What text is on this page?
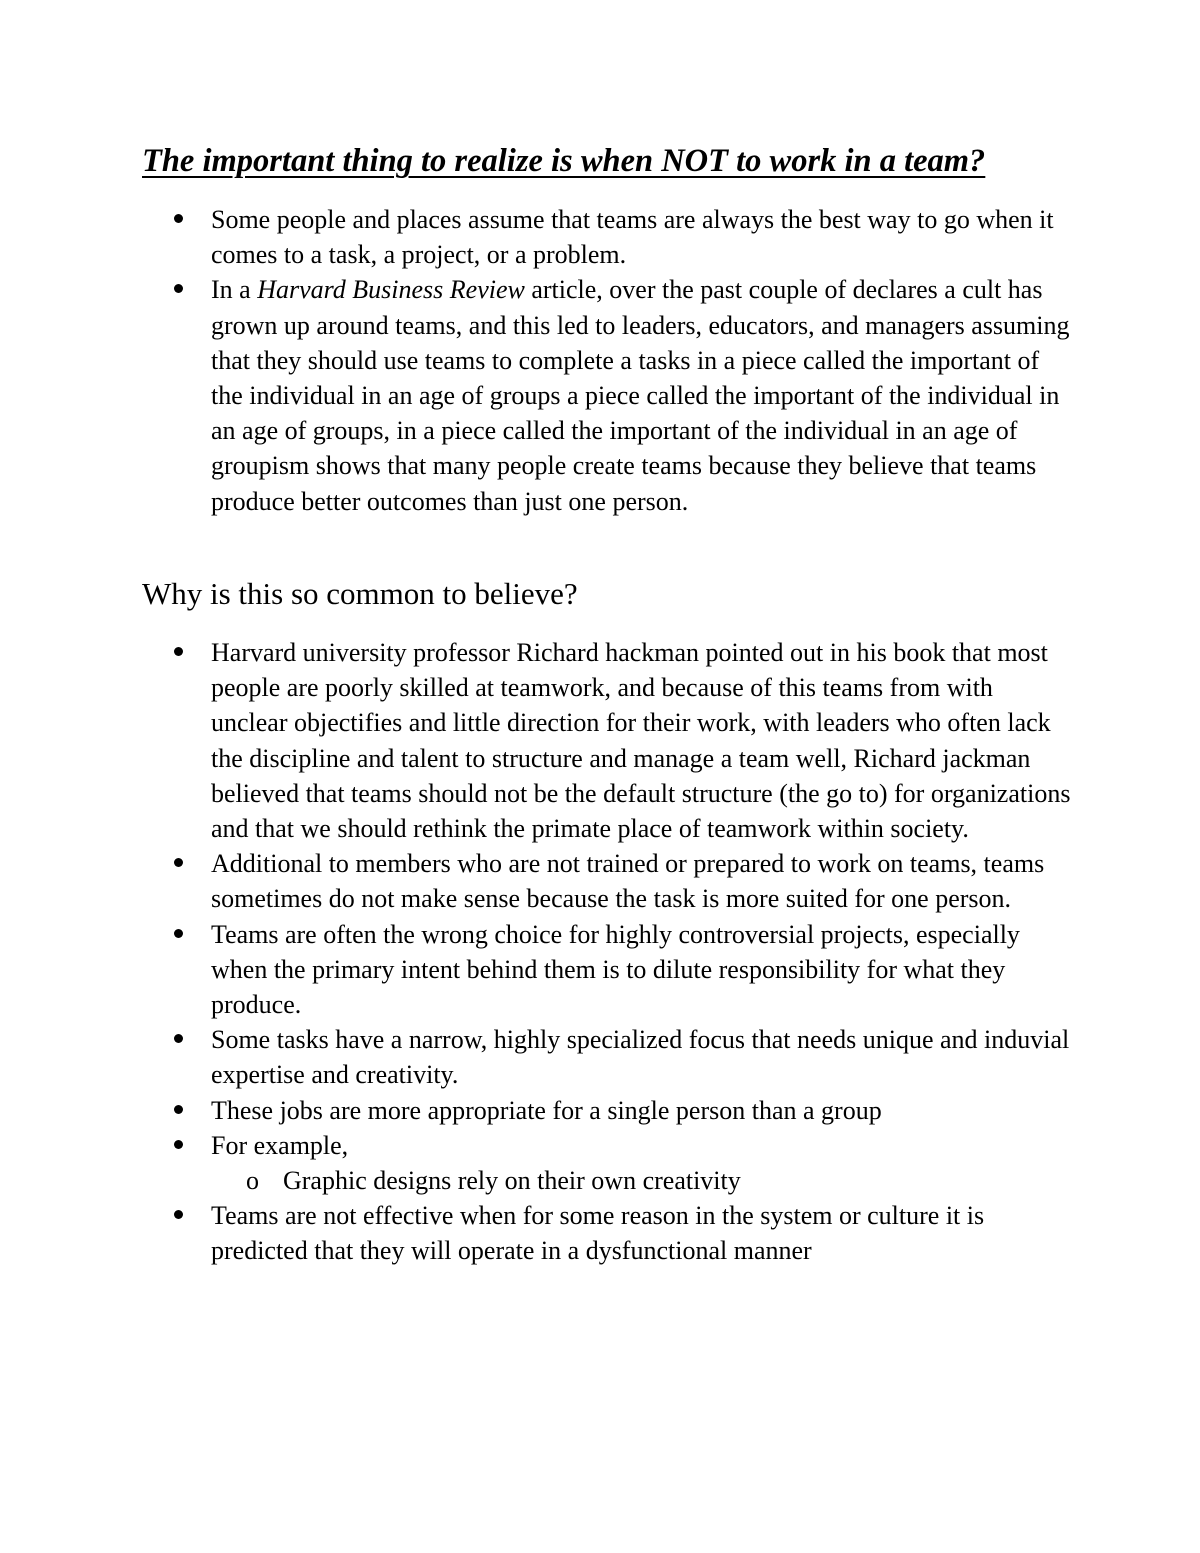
The important thing to realize is when NOT to work in a team?
Some people and places assume that teams are always the best way to go when it comes to a task, a project, or a problem.
In a Harvard Business Review article, over the past couple of declares a cult has grown up around teams, and this led to leaders, educators, and managers assuming that they should use teams to complete a tasks in a piece called the important of the individual in an age of groups a piece called the important of the individual in an age of groups, in a piece called the important of the individual in an age of groupism shows that many people create teams because they believe that teams produce better outcomes than just one person.
Why is this so common to believe?
Harvard university professor Richard hackman pointed out in his book that most people are poorly skilled at teamwork, and because of this teams from with unclear objectifies and little direction for their work, with leaders who often lack the discipline and talent to structure and manage a team well, Richard jackman believed that teams should not be the default structure (the go to) for organizations and that we should rethink the primate place of teamwork within society.
Additional to members who are not trained or prepared to work on teams, teams sometimes do not make sense because the task is more suited for one person.
Teams are often the wrong choice for highly controversial projects, especially when the primary intent behind them is to dilute responsibility for what they produce.
Some tasks have a narrow, highly specialized focus that needs unique and induvial expertise and creativity.
These jobs are more appropriate for a single person than a group
For example,
o Graphic designs rely on their own creativity
Teams are not effective when for some reason in the system or culture it is predicted that they will operate in a dysfunctional manner
